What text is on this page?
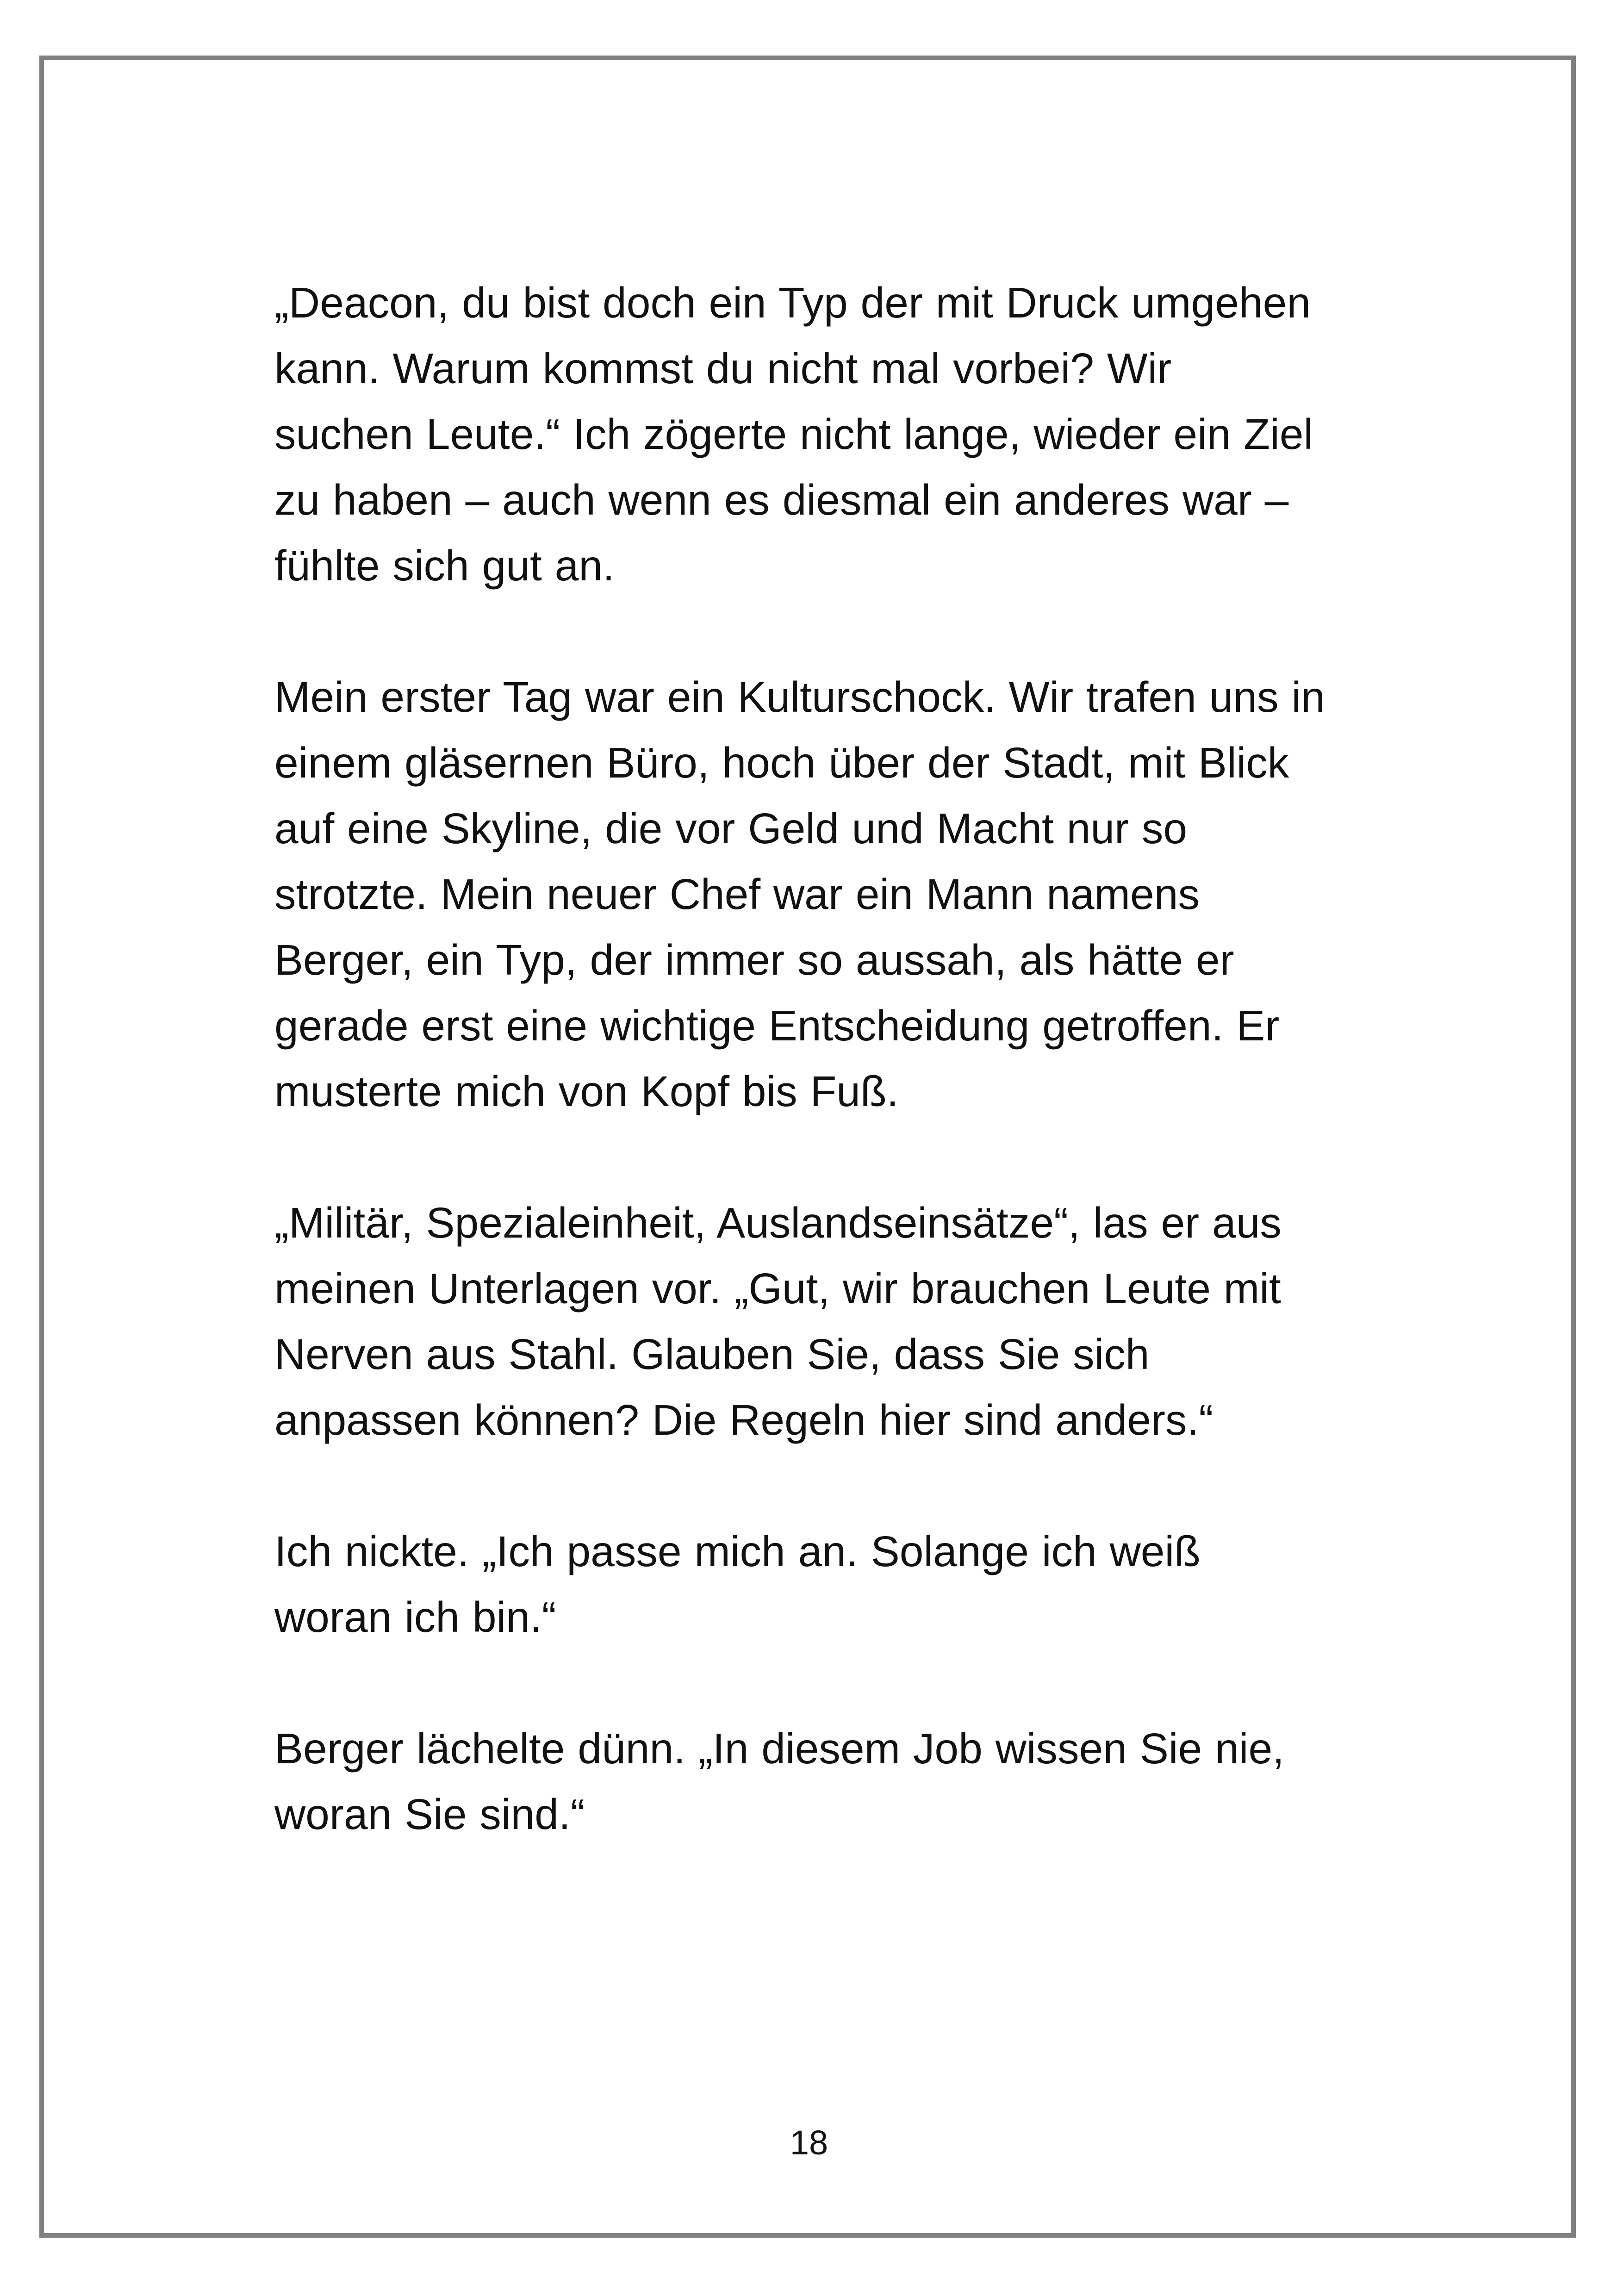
„Deacon, du bist doch ein Typ der mit Druck umgehen
kann. Warum kommst du nicht mal vorbei? Wir
suchen Leute.“ Ich zögerte nicht lange, wieder ein Ziel
zu haben – auch wenn es diesmal ein anderes war –
fühlte sich gut an.
Mein erster Tag war ein Kulturschock. Wir trafen uns in
einem gläsernen Büro, hoch über der Stadt, mit Blick
auf eine Skyline, die vor Geld und Macht nur so
strotzte. Mein neuer Chef war ein Mann namens
Berger, ein Typ, der immer so aussah, als hätte er
gerade erst eine wichtige Entscheidung getroffen. Er
musterte mich von Kopf bis Fuß.
„Militär, Spezialeinheit, Auslandseinsätze“, las er aus
meinen Unterlagen vor. „Gut, wir brauchen Leute mit
Nerven aus Stahl. Glauben Sie, dass Sie sich
anpassen können? Die Regeln hier sind anders.“
Ich nickte. „Ich passe mich an. Solange ich weiß
woran ich bin.“
Berger lächelte dünn. „In diesem Job wissen Sie nie,
woran Sie sind.“
18
